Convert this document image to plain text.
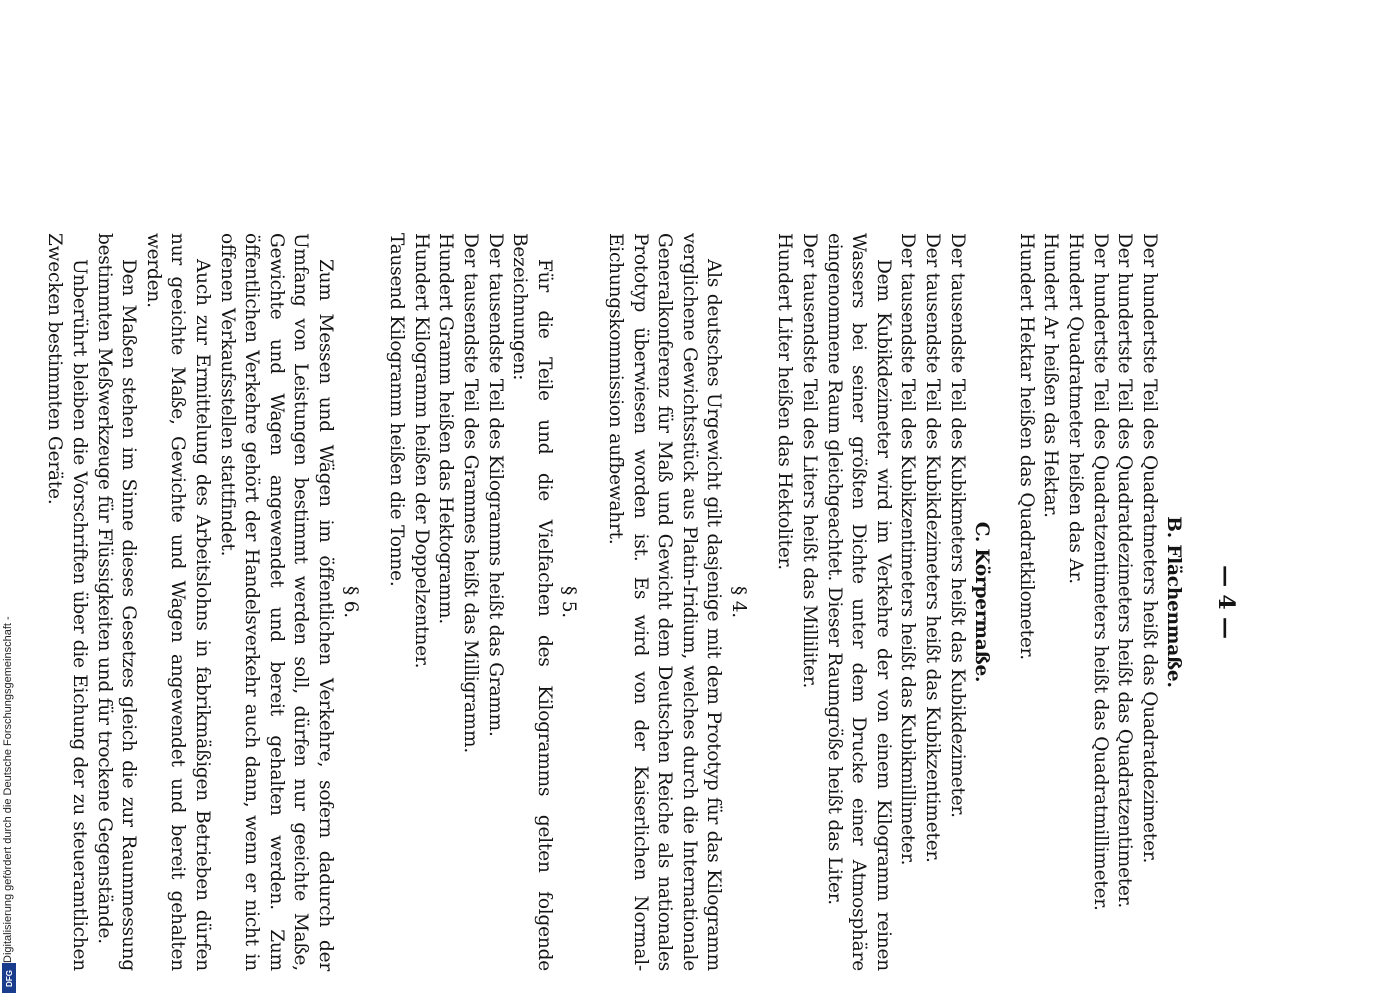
— 4 —
B. Flächenmaße.
Der hundertste Teil des Quadratmeters heißt das Quadratdezimeter.
Der hundertste Teil des Quadratdezimeters heißt das Quadratzentimeter.
Der hundertste Teil des Quadratzentimeters heißt das Quadratmillimeter.
Hundert Quadratmeter heißen das Ar.
Hundert Ar heißen das Hektar.
Hundert Hektar heißen das Quadratkilometer.
C. Körpermaße.
Der tausendste Teil des Kubikmeters heißt das Kubikdezimeter.
Der tausendste Teil des Kubikdezimeters heißt das Kubikzentimeter.
Der tausendste Teil des Kubikzentimeters heißt das Kubikmillimeter.

Dem Kubikdezimeter wird im Verkehre der von einem Kilogramm reinen Wassers bei seiner größten Dichte unter dem Drucke einer Atmosphäre eingenommene Raum gleichgeachtet. Dieser Raumgröße heißt das Liter.

Der tausendste Teil des Liters heißt das Milliliter.
Hundert Liter heißen das Hektoliter.
§ 4.

Als deutsches Urgewicht gilt dasjenige mit dem Prototyp für das Kilogramm verglichene Gewichtsstück aus Platin-Iridium, welches durch die Internationale Generalkonferenz für Maß und Gewicht dem Deutschen Reiche als nationales Prototyp überwiesen worden ist. Es wird von der Kaiserlichen Normal-Eichungskommission aufbewahrt.

§ 5.

Für die Teile und die Vielfachen des Kilogramms gelten folgende Bezeichnungen:

Der tausendste Teil des Kilogramms heißt das Gramm.
Der tausendste Teil des Grammes heißt das Milligramm.
Hundert Gramm heißen das Hektogramm.
Hundert Kilogramm heißen der Doppelzentner.
Tausend Kilogramm heißen die Tonne.
§ 6.

Zum Messen und Wägen im öffentlichen Verkehre, sofern dadurch der Umfang von Leistungen bestimmt werden soll, dürfen nur geeichte Maße, Gewichte und Wagen angewendet und bereit gehalten werden. Zum öffentlichen Verkehre gehört der Handelsverkehr auch dann, wenn er nicht in offenen Verkaufsstellen stattfindet.

Auch zur Ermittelung des Arbeitslohns in fabrikmäßigen Betrieben dürfen nur geeichte Maße, Gewichte und Wagen angewendet und bereit gehalten werden.

Den Maßen stehen im Sinne dieses Gesetzes gleich die zur Raummessung bestimmten Meßwerkzeuge für Flüssigkeiten und für trockene Gegenstände.

Unberührt bleiben die Vorschriften über die Eichung der zu steueramtlichen Zwecken bestimmten Geräte.

Digitalisierung gefördert durch die Deutsche Forschungsgemeinschaft -
DFG
